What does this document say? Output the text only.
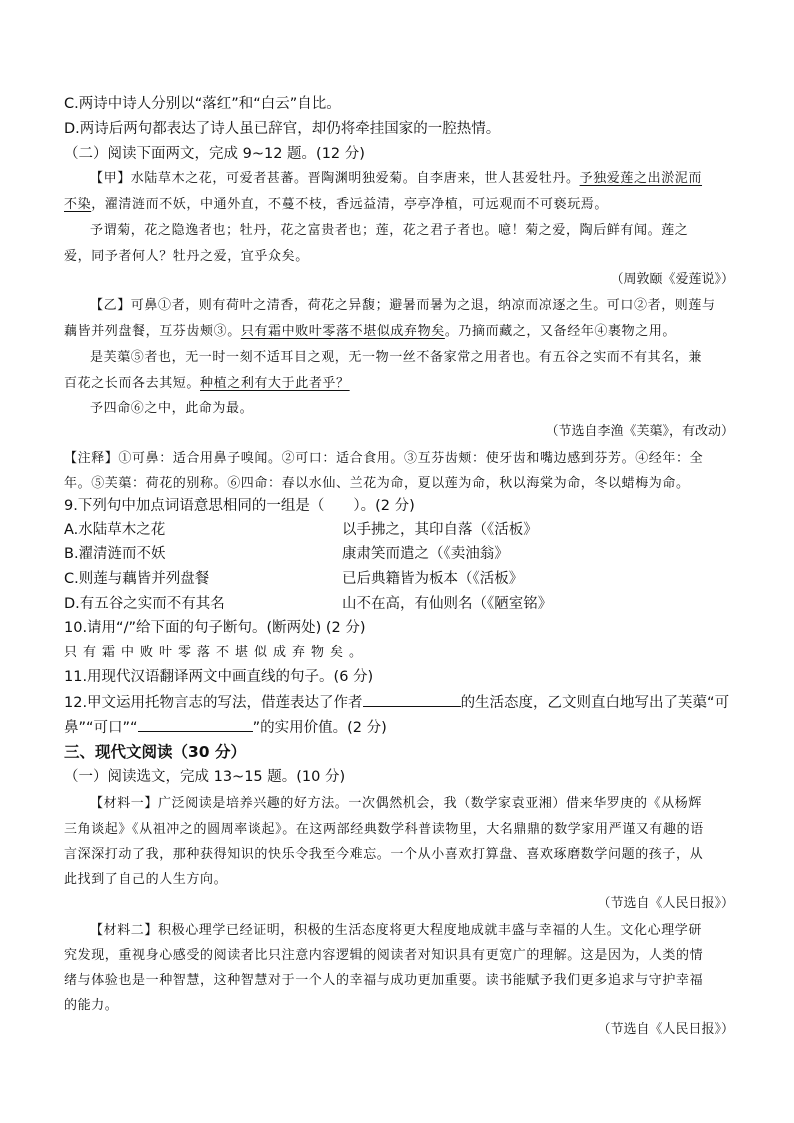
C.两诗中诗人分别以“落红”和“白云”自比。
D.两诗后两句都表达了诗人虽已辞官，却仍将牵挂国家的一腔热情。
（二）阅读下面两文，完成 9~12 题。(12 分)
【甲】水陆草木之花，可爱者甚蕃。晋陶渊明独爱菊。自李唐来，世人甚爱牡丹。予独爱莲之出淤泥而
不染，濯清涟而不妖，中通外直，不蔓不枝，香远益清，亭亭净植，可远观而不可亵玩焉。
予谓菊，花之隐逸者也；牡丹，花之富贵者也；莲，花之君子者也。噫！菊之爱，陶后鲜有闻。莲之
爱，同予者何人？牡丹之爱，宜乎众矣。
（周敦颐《爱莲说》）
【乙】可鼻①者，则有荷叶之清香，荷花之异馥；避暑而暑为之退，纳凉而凉逐之生。可口②者，则莲与
藕皆并列盘餐，互芬齿颊③。只有霜中败叶零落不堪似成弃物矣。乃摘而藏之，又备经年④裹物之用。
是芙蕖⑤者也，无一时一刻不适耳目之观，无一物一丝不备家常之用者也。有五谷之实而不有其名，兼
百花之长而各去其短。种植之利有大于此者乎？
予四命⑥之中，此命为最。
（节选自李渔《芙蕖》，有改动）
【注释】①可鼻：适合用鼻子嗅闻。②可口：适合食用。③互芬齿颊：使牙齿和嘴边感到芬芳。④经年：全
年。⑤芙蕖：荷花的别称。⑥四命：春以水仙、兰花为命，夏以莲为命，秋以海棠为命，冬以蜡梅为命。
9.下列句中加点词语意思相同的一组是（　　）。(2 分)
A.水陆草木之花	以手拂之，其印自落（《活板》
B.濯清涟而不妖	康肃笑而遣之（《卖油翁》
C.则莲与藕皆并列盘餐	已后典籍皆为板本（《活板》
D.有五谷之实而不有其名	山不在高，有仙则名（《陋室铭》
10.请用“/”给下面的句子断句。(断两处) (2 分)
只有霜中败叶零落不堪似成弃物矣。
11.用现代汉语翻译两文中画直线的句子。(6 分)
12.甲文运用托物言志的写法，借莲表达了作者	的生活态度，乙文则直白地写出了芙蕖“可
鼻”“可口”“	”的实用价值。(2 分)
三、现代文阅读（30 分）
（一）阅读选文，完成 13~15 题。(10 分)
【材料一】广泛阅读是培养兴趣的好方法。一次偶然机会，我（数学家袁亚湘）借来华罗庚的《从杨辉
三角谈起》《从祖冲之的圆周率谈起》。在这两部经典数学科普读物里，大名鼎鼎的数学家用严谨又有趣的语
言深深打动了我，那种获得知识的快乐令我至今难忘。一个从小喜欢打算盘、喜欢琢磨数学问题的孩子，从
此找到了自己的人生方向。
（节选自《人民日报》）
【材料二】积极心理学已经证明，积极的生活态度将更大程度地成就丰盛与幸福的人生。文化心理学研
究发现，重视身心感受的阅读者比只注意内容逻辑的阅读者对知识具有更宽广的理解。这是因为，人类的情
绪与体验也是一种智慧，这种智慧对于一个人的幸福与成功更加重要。读书能赋予我们更多追求与守护幸福
的能力。
（节选自《人民日报》）
